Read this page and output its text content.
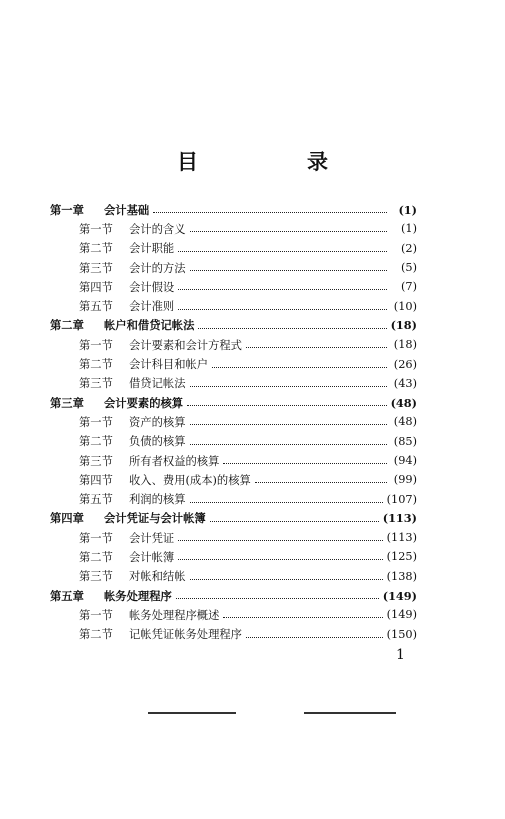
目　录
第一章	会计基础	(1)
第一节	会计的含义	(1)
第二节	会计职能	(2)
第三节	会计的方法	(5)
第四节	会计假设	(7)
第五节	会计准则	(10)
第二章	帐户和借贷记帐法	(18)
第一节	会计要素和会计方程式	(18)
第二节	会计科目和帐户	(26)
第三节	借贷记帐法	(43)
第三章	会计要素的核算	(48)
第一节	资产的核算	(48)
第二节	负债的核算	(85)
第三节	所有者权益的核算	(94)
第四节	收入、费用(成本)的核算	(99)
第五节	利润的核算	(107)
第四章	会计凭证与会计帐簿	(113)
第一节	会计凭证	(113)
第二节	会计帐簿	(125)
第三节	对帐和结帐	(138)
第五章	帐务处理程序	(149)
第一节	帐务处理程序概述	(149)
第二节	记帐凭证帐务处理程序	(150)
1
